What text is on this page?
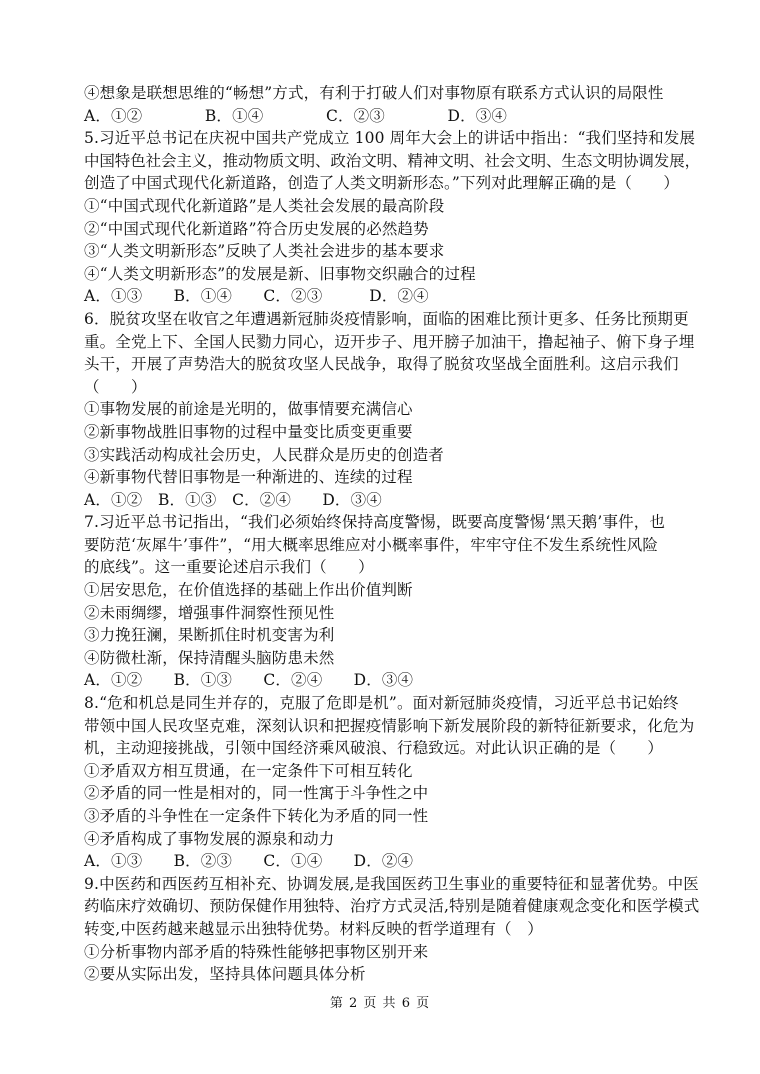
④想象是联想思维的“畅想”方式，有利于打破人们对事物原有联系方式认识的局限性
A．①②　　　　B．①④　　　　C．②③　　　　D．③④
5.习近平总书记在庆祝中国共产党成立 100 周年大会上的讲话中指出：“我们坚持和发展
中国特色社会主义，推动物质文明、政治文明、精神文明、社会文明、生态文明协调发展，
创造了中国式现代化新道路，创造了人类文明新形态。”下列对此理解正确的是（　　）
①“中国式现代化新道路”是人类社会发展的最高阶段
②“中国式现代化新道路”符合历史发展的必然趋势
③“人类文明新形态”反映了人类社会进步的基本要求
④“人类文明新形态”的发展是新、旧事物交织融合的过程
A．①③　　B．①④　　C．②③　　　D．②④
6．脱贫攻坚在收官之年遭遇新冠肺炎疫情影响，面临的困难比预计更多、任务比预期更
重。全党上下、全国人民勠力同心，迈开步子、甩开膀子加油干，撸起袖子、俯下身子埋
头干，开展了声势浩大的脱贫攻坚人民战争，取得了脱贫攻坚战全面胜利。这启示我们
（　　）
①事物发展的前途是光明的，做事情要充满信心
②新事物战胜旧事物的过程中量变比质变更重要
③实践活动构成社会历史，人民群众是历史的创造者
④新事物代替旧事物是一种渐进的、连续的过程
A．①②　B．①③　C．②④　　D．③④
7.习近平总书记指出，“我们必须始终保持高度警惕，既要高度警惕‘黑天鹅’事件，也
要防范‘灰犀牛’事件”，“用大概率思维应对小概率事件，牢牢守住不发生系统性风险
的底线”。这一重要论述启示我们（　　）
①居安思危，在价值选择的基础上作出价值判断
②未雨绸缪，增强事件洞察性预见性
③力挽狂澜，果断抓住时机变害为利
④防微杜渐，保持清醒头脑防患未然
A．①②　　B．①③　　C．②④　　D．③④
8.“危和机总是同生并存的，克服了危即是机”。面对新冠肺炎疫情，习近平总书记始终
带领中国人民攻坚克难，深刻认识和把握疫情影响下新发展阶段的新特征新要求，化危为
机，主动迎接挑战，引领中国经济乘风破浪、行稳致远。对此认识正确的是（　　）
①矛盾双方相互贯通，在一定条件下可相互转化
②矛盾的同一性是相对的，同一性寓于斗争性之中
③矛盾的斗争性在一定条件下转化为矛盾的同一性
④矛盾构成了事物发展的源泉和动力
A．①③　　B．②③　　C．①④　　D．②④
9.中医药和西医药互相补充、协调发展,是我国医药卫生事业的重要特征和显著优势。中医
药临床疗效确切、预防保健作用独特、治疗方式灵活,特别是随着健康观念变化和医学模式
转变,中医药越来越显示出独特优势。材料反映的哲学道理有（　）
①分析事物内部矛盾的特殊性能够把事物区别开来
②要从实际出发，坚持具体问题具体分析
第 2 页 共 6 页
